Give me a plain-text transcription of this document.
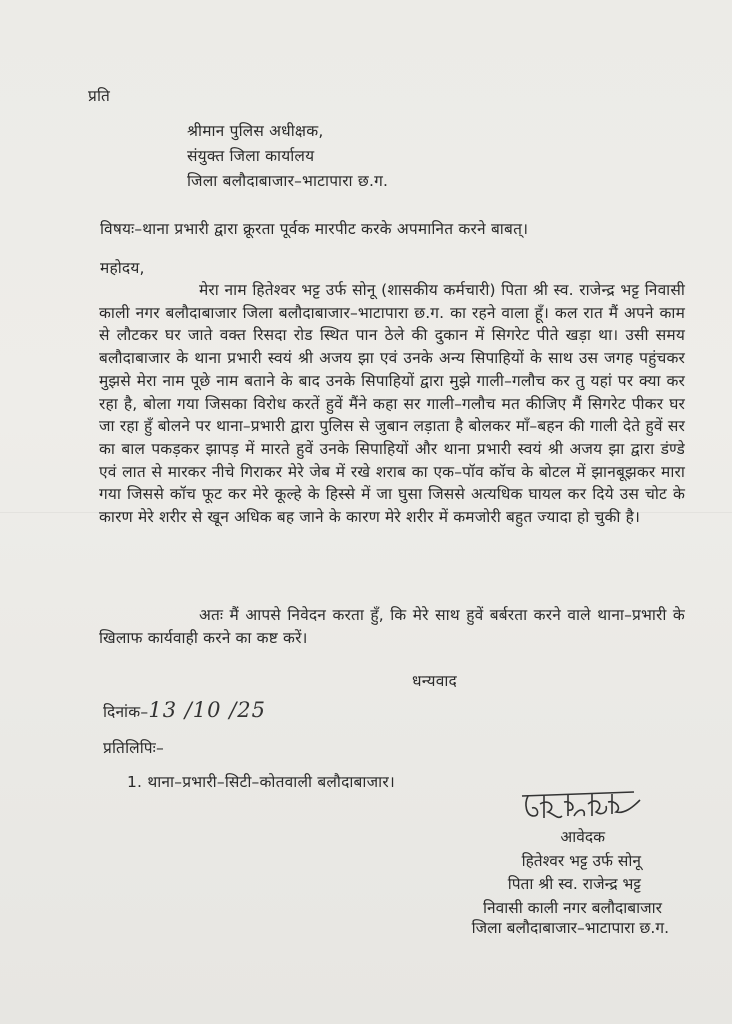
प्रति
श्रीमान पुलिस अधीक्षक,
संयुक्त जिला कार्यालय
जिला बलौदाबाजार–भाटापारा छ.ग.
विषयः–थाना प्रभारी द्वारा क्रूरता पूर्वक मारपीट करके अपमानित करने बाबत्।
महोदय,
मेरा नाम हितेश्वर भट्ट उर्फ सोनू (शासकीय कर्मचारी) पिता श्री स्व. राजेन्द्र भट्ट निवासी काली नगर बलौदाबाजार जिला बलौदाबाजार–भाटापारा छ.ग. का रहने वाला हूँ। कल रात मैं अपने काम से लौटकर घर जाते वक्त रिसदा रोड स्थित पान ठेले की दुकान में सिगरेट पीते खड़ा था। उसी समय बलौदाबाजार के थाना प्रभारी स्वयं श्री अजय झा एवं उनके अन्य सिपाहियों के साथ उस जगह पहुंचकर मुझसे मेरा नाम पूछे नाम बताने के बाद उनके सिपाहियों द्वारा मुझे गाली–गलौच कर तु यहां पर क्या कर रहा है, बोला गया जिसका विरोध करतें हुवें मैंने कहा सर गाली–गलौच मत कीजिए मैं सिगरेट पीकर घर जा रहा हुँ बोलने पर थाना–प्रभारी द्वारा पुलिस से जुबान लड़ाता है बोलकर माँ–बहन की गाली देते हुवें सर का बाल पकड़कर झापड़ में मारते हुवें उनके सिपाहियों और थाना प्रभारी स्वयं श्री अजय झा द्वारा डंण्डे एवं लात से मारकर नीचे गिराकर मेरे जेब में रखे शराब का एक–पॉव कॉच के बोटल में झानबूझकर मारा गया जिससे कॉच फूट कर मेरे कूल्हे के हिस्से में जा घुसा जिससे अत्यधिक घायल कर दिये उस चोट के कारण मेरे शरीर से खून अधिक बह जाने के कारण मेरे शरीर में कमजोरी बहुत ज्यादा हो चुकी है।
अतः मैं आपसे निवेदन करता हुँ, कि मेरे साथ हुवें बर्बरता करने वाले थाना–प्रभारी के खिलाफ कार्यवाही करने का कष्ट करें।
धन्यवाद
दिनांक–13 /10 /25
प्रतिलिपिः–
1. थाना–प्रभारी–सिटी–कोतवाली बलौदाबाजार।
आवेदक
हितेश्वर भट्ट उर्फ सोनू
पिता श्री स्व. राजेन्द्र भट्ट
निवासी काली नगर बलौदाबाजार
जिला बलौदाबाजार–भाटापारा छ.ग.
